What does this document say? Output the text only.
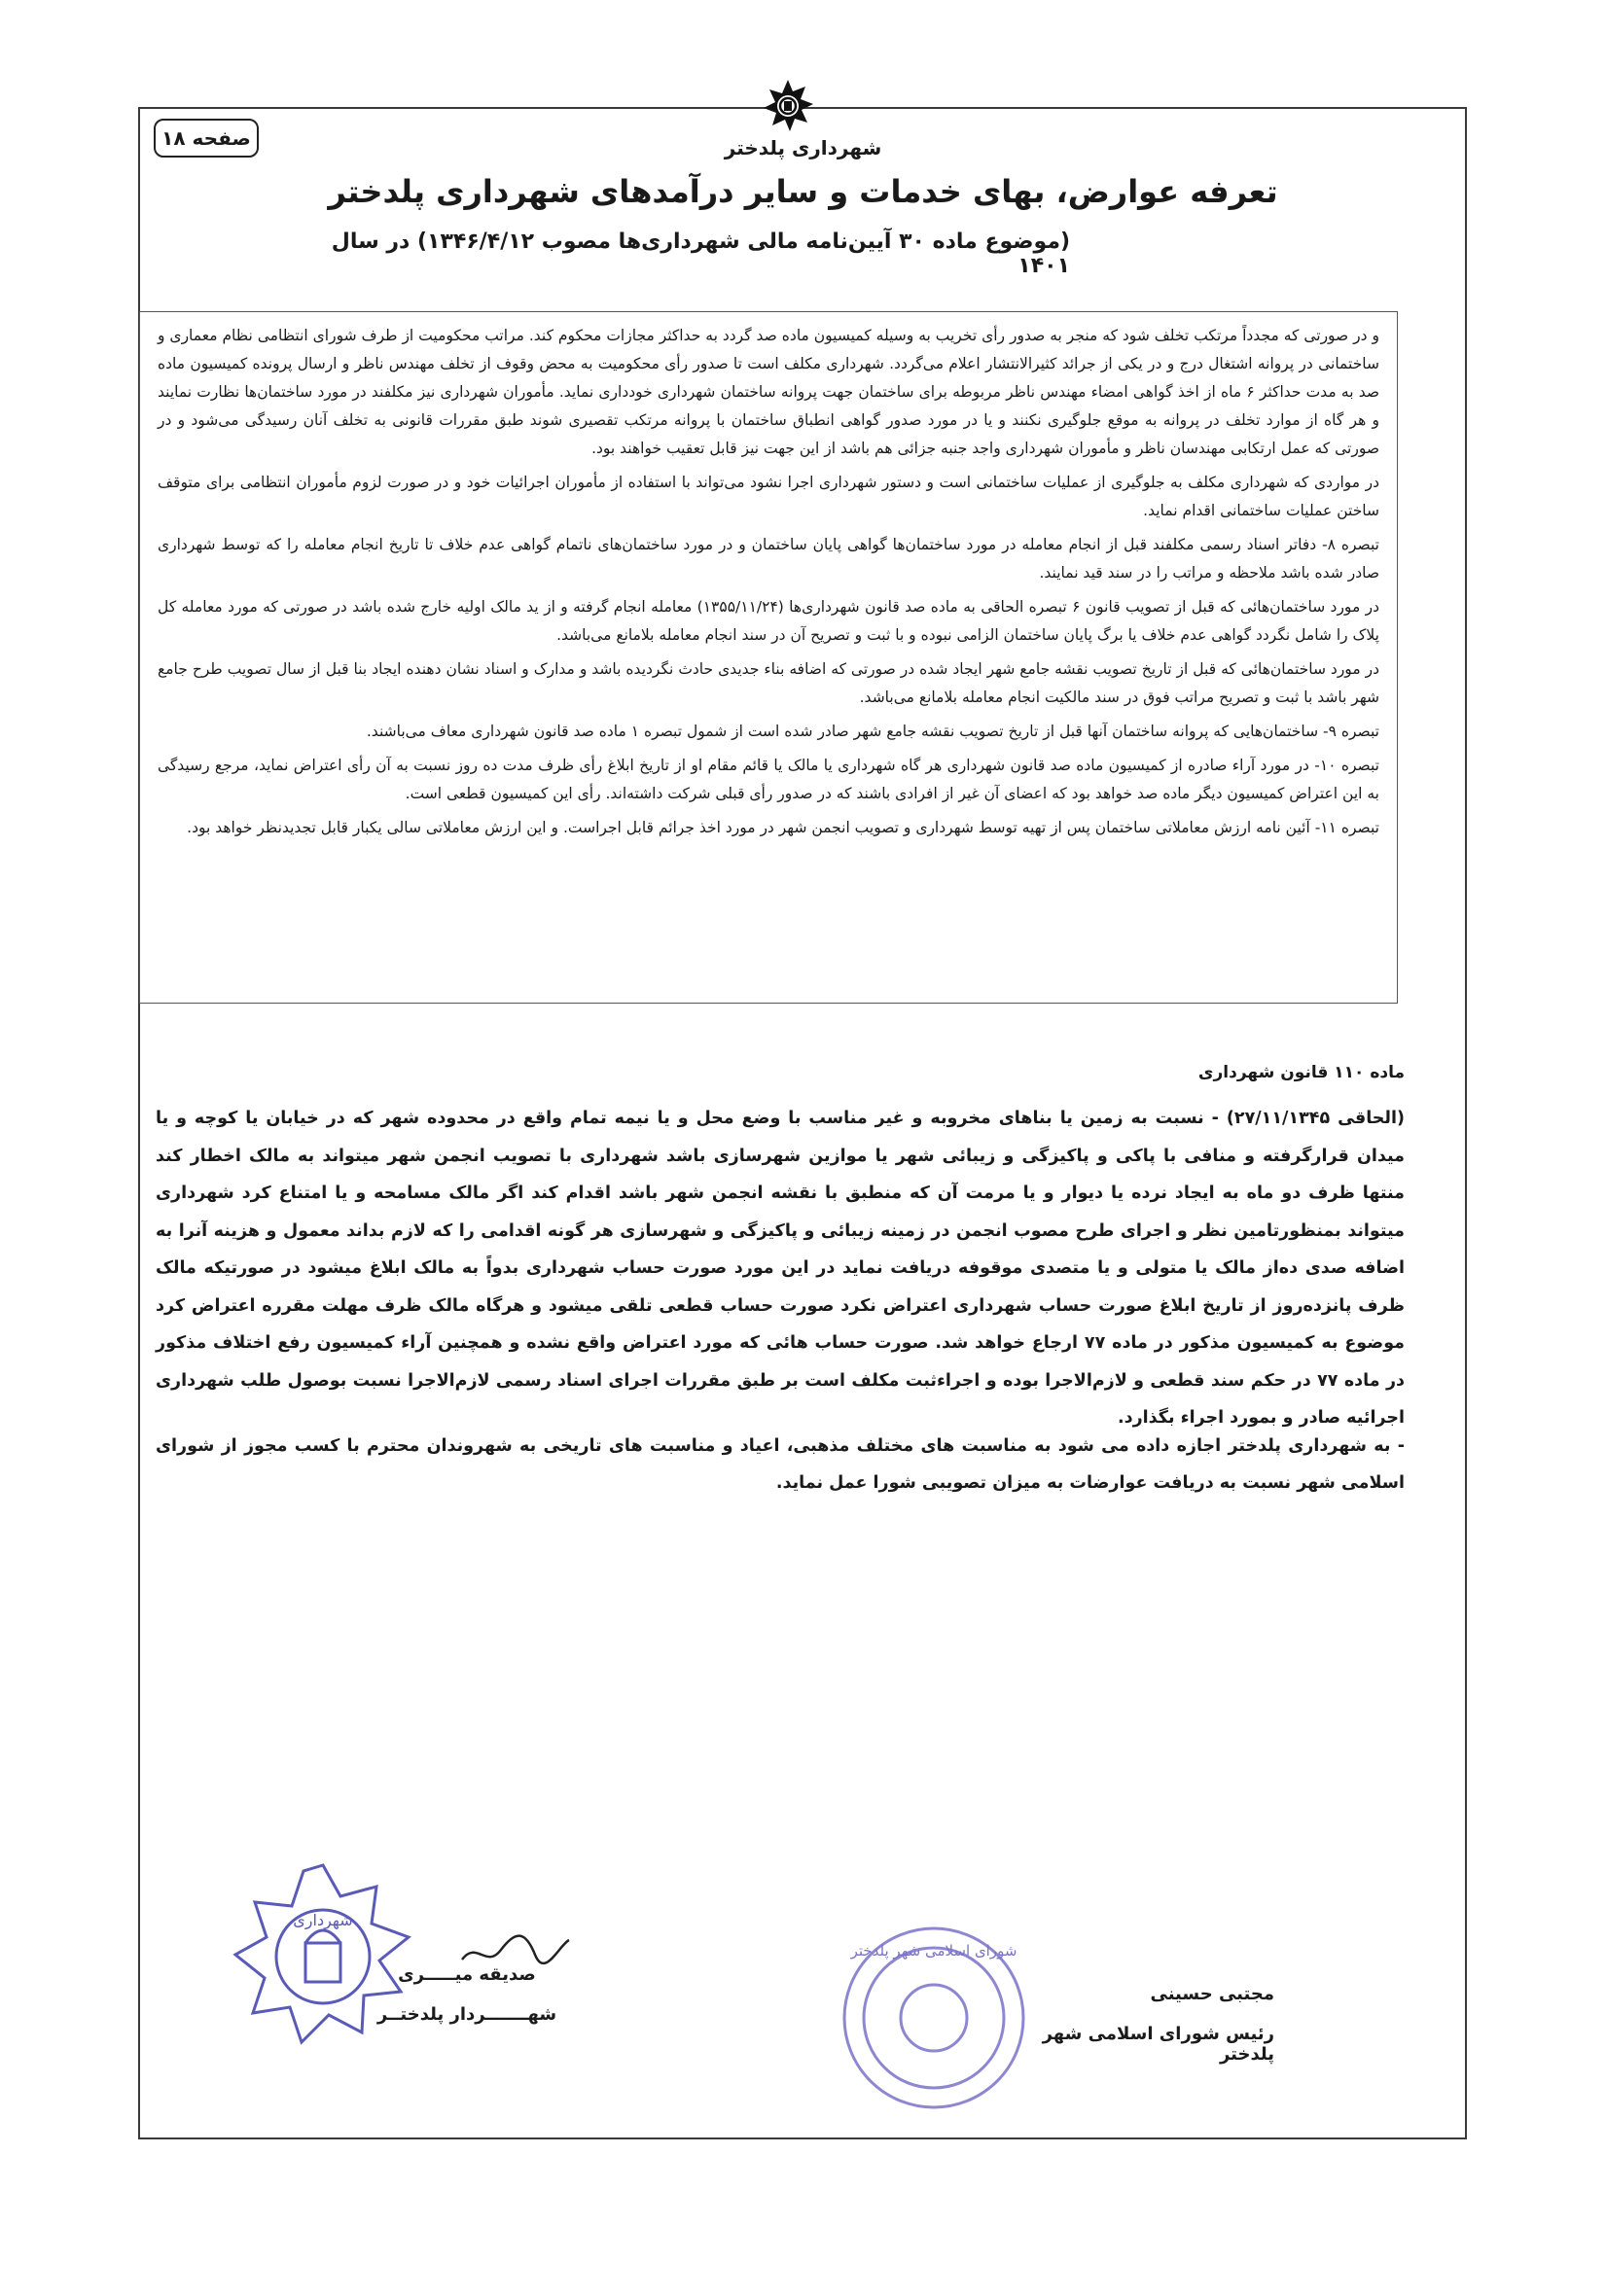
صفحه ۱۸	شهرداری پلدختر
تعرفه عوارض، بهای خدمات و سایر درآمدهای شهرداری پلدختر
(موضوع ماده ۳۰ آیین‌نامه مالی شهرداری‌ها مصوب ۱۳۴۶/۴/۱۲) در سال ۱۴۰۱

و در صورتی که مجدداً مرتکب تخلف شود که منجر به صدور رأی تخریب به وسیله کمیسیون ماده صد گردد به حداکثر مجازات محکوم کند. مراتب محکومیت از طرف شورای انتظامی نظام معماری و ساختمانی در پروانه اشتغال درج و در یکی از جرائد کثیرالانتشار اعلام می‌گردد. شهرداری مکلف است تا صدور رأی محکومیت به محض وقوف از تخلف مهندس ناظر و ارسال پرونده کمیسیون ماده صد به مدت حداکثر ۶ ماه از اخذ گواهی امضاء مهندس ناظر مربوطه برای ساختمان جهت پروانه ساختمان شهرداری خودداری نماید. مأموران شهرداری نیز مکلفند در مورد ساختمان‌ها نظارت نمایند و هر گاه از موارد تخلف در پروانه به موقع جلوگیری نکنند و یا در مورد صدور گواهی انطباق ساختمان با پروانه مرتکب تقصیری شوند طبق مقررات قانونی به تخلف آنان رسیدگی می‌شود و در صورتی که عمل ارتکابی مهندسان ناظر و مأموران شهرداری واجد جنبه جزائی هم باشد از این جهت نیز قابل تعقیب خواهند بود.

در مواردی که شهرداری مکلف به جلوگیری از عملیات ساختمانی است و دستور شهرداری اجرا نشود می‌تواند با استفاده از مأموران اجرائیات خود و در صورت لزوم مأموران انتظامی برای متوقف ساختن عملیات ساختمانی اقدام نماید.

تبصره ۸- دفاتر اسناد رسمی مکلفند قبل از انجام معامله در مورد ساختمان‌ها گواهی پایان ساختمان و در مورد ساختمان‌های ناتمام گواهی عدم خلاف تا تاریخ انجام معامله را که توسط شهرداری صادر شده باشد ملاحظه و مراتب را در سند قید نمایند.

در مورد ساختمان‌هائی که قبل از تصویب قانون ۶ تبصره الحاقی به ماده صد قانون شهرداری‌ها (۱۳۵۵/۱۱/۲۴) معامله انجام گرفته و از ید مالک اولیه خارج شده باشد در صورتی که مورد معامله کل پلاک را شامل نگردد گواهی عدم خلاف یا برگ پایان ساختمان الزامی نبوده و با ثبت و تصریح آن در سند انجام معامله بلامانع می‌باشد.

در مورد ساختمان‌هائی که قبل از تاریخ تصویب نقشه جامع شهر ایجاد شده در صورتی که اضافه بناء جدیدی حادث نگردیده باشد و مدارک و اسناد نشان دهنده ایجاد بنا قبل از سال تصویب طرح جامع شهر باشد با ثبت و تصریح مراتب فوق در سند مالکیت انجام معامله بلامانع می‌باشد.

تبصره ۹- ساختمان‌هایی که پروانه ساختمان آنها قبل از تاریخ تصویب نقشه جامع شهر صادر شده است از شمول تبصره ۱ ماده صد قانون شهرداری معاف می‌باشند.

تبصره ۱۰- در مورد آراء صادره از کمیسیون ماده صد قانون شهرداری هر گاه شهرداری یا مالک یا قائم مقام او از تاریخ ابلاغ رأی ظرف مدت ده روز نسبت به آن رأی اعتراض نماید، مرجع رسیدگی به این اعتراض کمیسیون دیگر ماده صد خواهد بود که اعضای آن غیر از افرادی باشند که در صدور رأی قبلی شرکت داشته‌اند. رأی این کمیسیون قطعی است.

تبصره ۱۱- آئین نامه ارزش معاملاتی ساختمان پس از تهیه توسط شهرداری و تصویب انجمن شهر در مورد اخذ جرائم قابل اجراست. و این ارزش معاملاتی سالی یکبار قابل تجدیدنظر خواهد بود.

ماده ۱۱۰ قانون شهرداری

(الحاقی ۲۷/۱۱/۱۳۴۵) - نسبت به زمین یا بناهای مخروبه و غیر مناسب با وضع محل و یا نیمه تمام واقع در محدوده شهر که در خیابان یا کوچه و یا میدان قرارگرفته و منافی با پاکی و پاکیزگی و زیبائی شهر یا موازین شهرسازی باشد شهرداری با تصویب انجمن شهر میتواند به مالک اخطار کند منتها ظرف دو ماه به ایجاد نرده یا دیوار و یا مرمت آن که منطبق با نقشه انجمن شهر باشد اقدام کند اگر مالک مسامحه و یا امتناع کرد شهرداری میتواند بمنظورتامین نظر و اجرای طرح مصوب انجمن در زمینه زیبائی و پاکیزگی و شهرسازی هر گونه اقدامی را که لازم بداند معمول و هزینه آنرا به اضافه صدی ده‌از مالک یا متولی و یا متصدی موقوفه دریافت نماید در این مورد صورت حساب شهرداری بدواً به مالک ابلاغ میشود در صورتیکه مالک ظرف پانزده‌روز از تاریخ ابلاغ صورت حساب شهرداری اعتراض نکرد صورت حساب قطعی تلقی میشود و هرگاه مالک ظرف مهلت مقرره اعتراض کرد موضوع به کمیسیون مذکور در ماده ۷۷ ارجاع خواهد شد. صورت حساب هائی که مورد اعتراض واقع نشده و همچنین آراء کمیسیون رفع اختلاف مذکور در ماده ۷۷ در حکم سند قطعی و لازم‌الاجرا بوده و اجراءثبت مکلف است بر طبق مقررات اجرای اسناد رسمی لازم‌الاجرا نسبت بوصول طلب شهرداری اجرائیه صادر و بمورد اجراء بگذارد.

- به شهرداری پلدختر اجازه داده می شود به مناسبت های مختلف مذهبی، اعیاد و مناسبت های تاریخی به شهروندان محترم با کسب مجوز از شورای اسلامی شهر نسبت به دریافت عوارضات به میزان تصویبی شورا عمل نماید.

شهرداری

صدیقه میـــــری

شهـــــــردار پلدختــر

شورای اسلامی شهر پلدختر

مجتبی حسینی

رئیس شورای اسلامی شهر پلدختر
